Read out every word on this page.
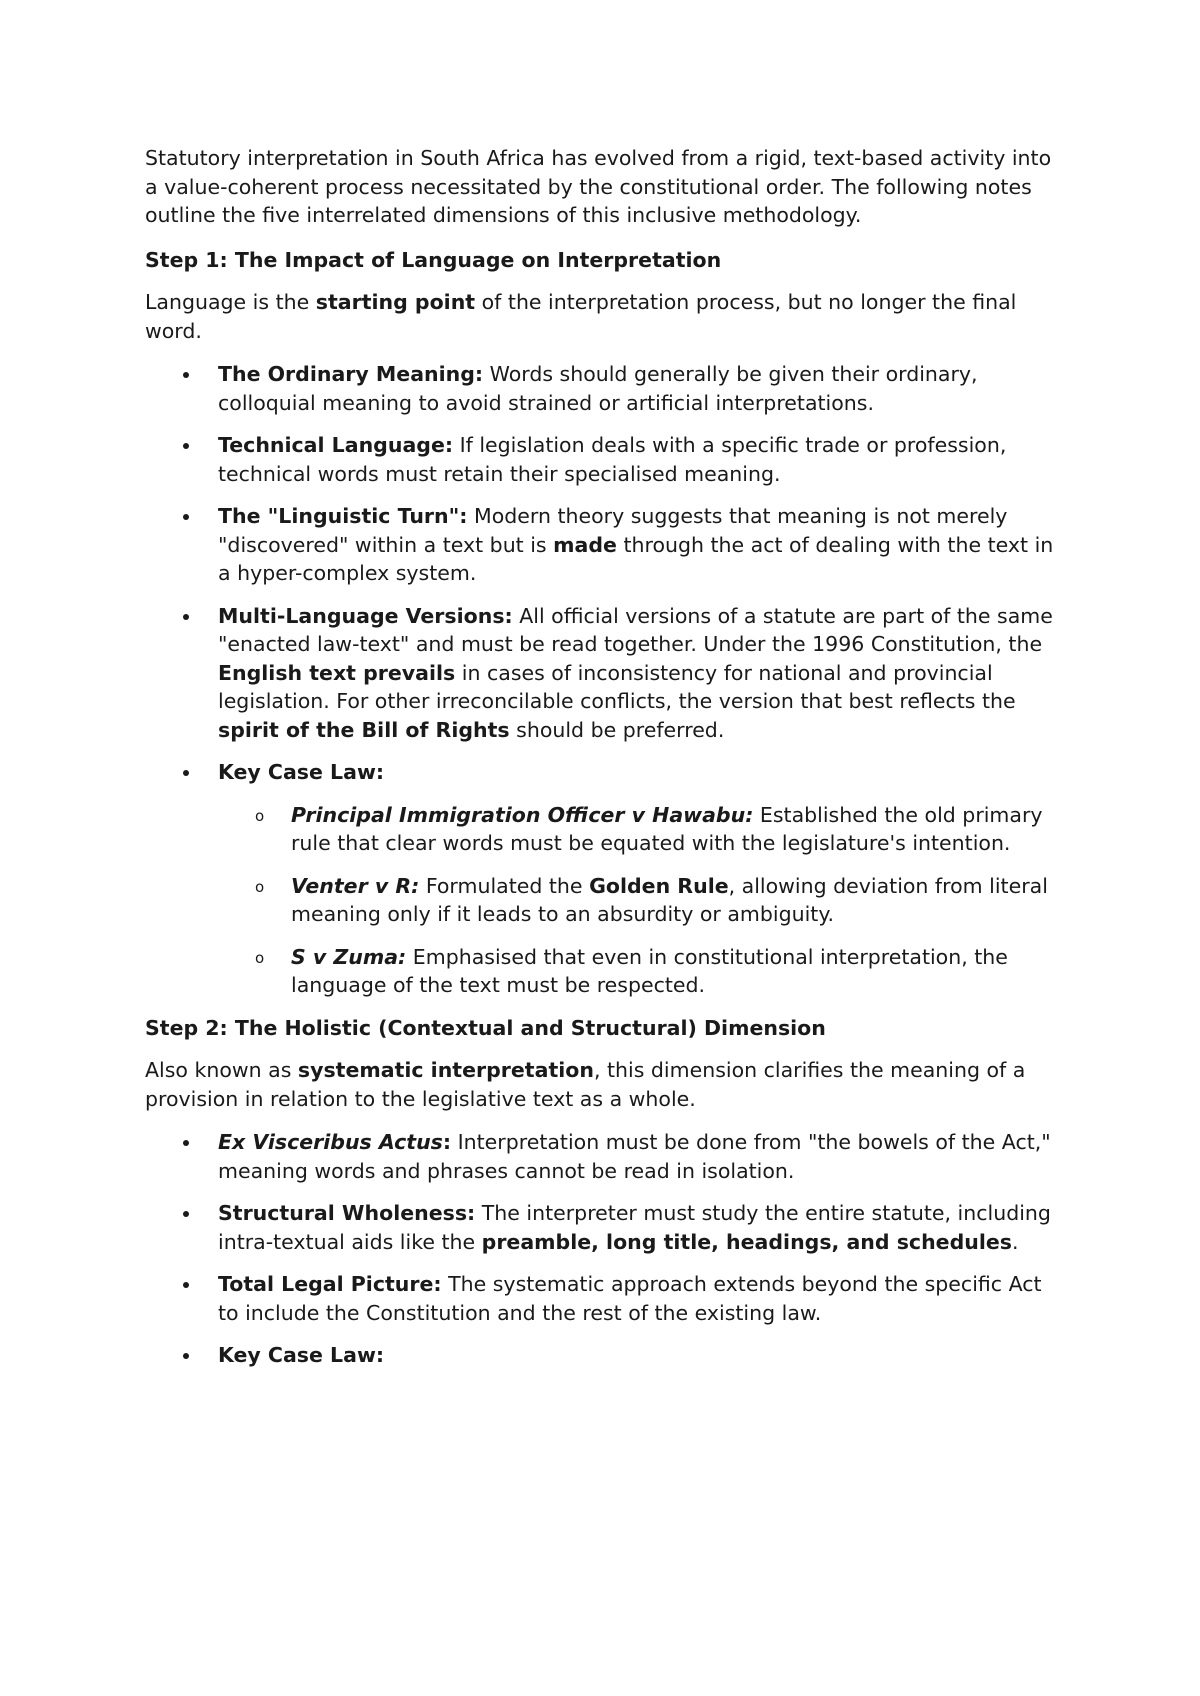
Statutory interpretation in South Africa has evolved from a rigid, text-based activity into a value-coherent process necessitated by the constitutional order. The following notes outline the five interrelated dimensions of this inclusive methodology.

Step 1: The Impact of Language on Interpretation

Language is the starting point of the interpretation process, but no longer the final word.

The Ordinary Meaning: Words should generally be given their ordinary, colloquial meaning to avoid strained or artificial interpretations.
Technical Language: If legislation deals with a specific trade or profession, technical words must retain their specialised meaning.
The "Linguistic Turn": Modern theory suggests that meaning is not merely "discovered" within a text but is made through the act of dealing with the text in a hyper-complex system.
Multi-Language Versions: All official versions of a statute are part of the same "enacted law-text" and must be read together. Under the 1996 Constitution, the English text prevails in cases of inconsistency for national and provincial legislation. For other irreconcilable conflicts, the version that best reflects the spirit of the Bill of Rights should be preferred.
Key Case Law:
o Principal Immigration Officer v Hawabu: Established the old primary rule that clear words must be equated with the legislature's intention.
o Venter v R: Formulated the Golden Rule, allowing deviation from literal meaning only if it leads to an absurdity or ambiguity.
o S v Zuma: Emphasised that even in constitutional interpretation, the language of the text must be respected.
Step 2: The Holistic (Contextual and Structural) Dimension

Also known as systematic interpretation, this dimension clarifies the meaning of a provision in relation to the legislative text as a whole.

Ex Visceribus Actus: Interpretation must be done from "the bowels of the Act," meaning words and phrases cannot be read in isolation.
Structural Wholeness: The interpreter must study the entire statute, including intra-textual aids like the preamble, long title, headings, and schedules.
Total Legal Picture: The systematic approach extends beyond the specific Act to include the Constitution and the rest of the existing law.
Key Case Law:
